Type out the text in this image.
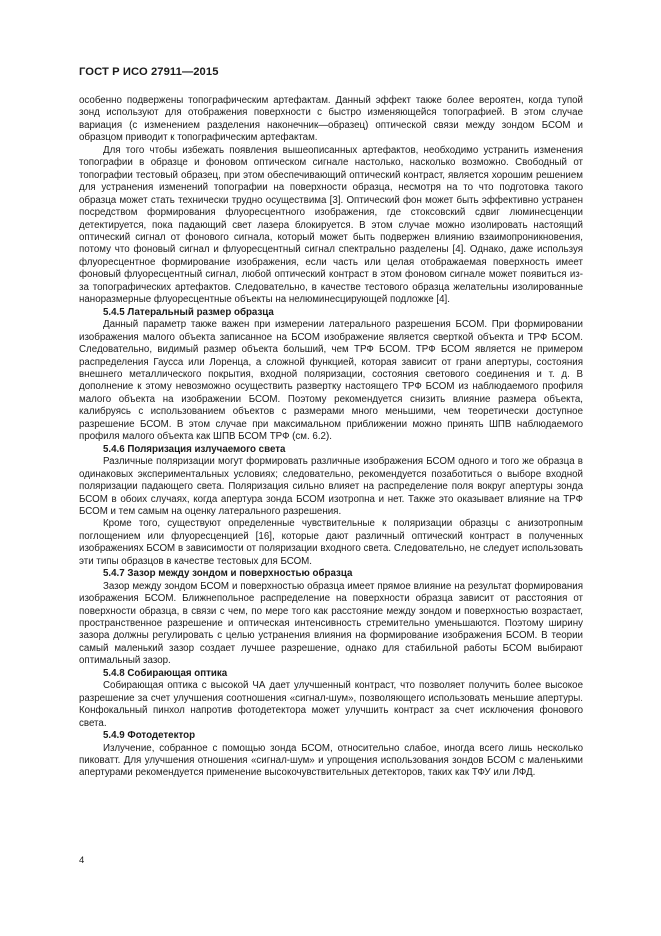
ГОСТ Р ИСО 27911—2015

особенно подвержены топографическим артефактам. Данный эффект также более вероятен, когда тупой зонд используют для отображения поверхности с быстро изменяющейся топографией. В этом случае вариация (с изменением разделения наконечник—образец) оптической связи между зондом БСОМ и образцом приводит к топографическим артефактам.

Для того чтобы избежать появления вышеописанных артефактов, необходимо устранить изменения топографии в образце и фоновом оптическом сигнале настолько, насколько возможно. Свободный от топографии тестовый образец, при этом обеспечивающий оптический контраст, является хорошим решением для устранения изменений топографии на поверхности образца, несмотря на то что подготовка такого образца может стать технически трудно осуществима [3]. Оптический фон может быть эффективно устранен посредством формирования флуоресцентного изображения, где стоксовский сдвиг люминесценции детектируется, пока падающий свет лазера блокируется. В этом случае можно изолировать настоящий оптический сигнал от фонового сигнала, который может быть подвержен влиянию взаимопроникновения, потому что фоновый сигнал и флуоресцентный сигнал спектрально разделены [4]. Однако, даже используя флуоресцентное формирование изображения, если часть или целая отображаемая поверхность имеет фоновый флуоресцентный сигнал, любой оптический контраст в этом фоновом сигнале может появиться из-за топографических артефактов. Следовательно, в качестве тестового образца желательны изолированные наноразмерные флуоресцентные объекты на нелюминесцирующей подложке [4].

5.4.5 Латеральный размер образца

Данный параметр также важен при измерении латерального разрешения БСОМ. При формировании изображения малого объекта записанное на БСОМ изображение является сверткой объекта и ТРФ БСОМ. Следовательно, видимый размер объекта больший, чем ТРФ БСОМ. ТРФ БСОМ является не примером распределения Гаусса или Лоренца, а сложной функцией, которая зависит от грани апертуры, состояния внешнего металлического покрытия, входной поляризации, состояния светового соединения и т. д. В дополнение к этому невозможно осуществить развертку настоящего ТРФ БСОМ из наблюдаемого профиля малого объекта на изображении БСОМ. Поэтому рекомендуется снизить влияние размера объекта, калибруясь с использованием объектов с размерами много меньшими, чем теоретически доступное разрешение БСОМ. В этом случае при максимальном приближении можно принять ШПВ наблюдаемого профиля малого объекта как ШПВ БСОМ ТРФ (см. 6.2).

5.4.6 Поляризация излучаемого света

Различные поляризации могут формировать различные изображения БСОМ одного и того же образца в одинаковых экспериментальных условиях; следовательно, рекомендуется позаботиться о выборе входной поляризации падающего света. Поляризация сильно влияет на распределение поля вокруг апертуры зонда БСОМ в обоих случаях, когда апертура зонда БСОМ изотропна и нет. Также это оказывает влияние на ТРФ БСОМ и тем самым на оценку латерального разрешения.

Кроме того, существуют определенные чувствительные к поляризации образцы с анизотропным поглощением или флуоресценцией [16], которые дают различный оптический контраст в полученных изображениях БСОМ в зависимости от поляризации входного света. Следовательно, не следует использовать эти типы образцов в качестве тестовых для БСОМ.

5.4.7 Зазор между зондом и поверхностью образца

Зазор между зондом БСОМ и поверхностью образца имеет прямое влияние на результат формирования изображения БСОМ. Ближнепольное распределение на поверхности образца зависит от расстояния от поверхности образца, в связи с чем, по мере того как расстояние между зондом и поверхностью возрастает, пространственное разрешение и оптическая интенсивность стремительно уменьшаются. Поэтому ширину зазора должны регулировать с целью устранения влияния на формирование изображения БСОМ. В теории самый маленький зазор создает лучшее разрешение, однако для стабильной работы БСОМ выбирают оптимальный зазор.

5.4.8 Собирающая оптика

Собирающая оптика с высокой ЧА дает улучшенный контраст, что позволяет получить более высокое разрешение за счет улучшения соотношения «сигнал-шум», позволяющего использовать меньшие апертуры. Конфокальный пинхол напротив фотодетектора может улучшить контраст за счет исключения фонового света.

5.4.9 Фотодетектор

Излучение, собранное с помощью зонда БСОМ, относительно слабое, иногда всего лишь несколько пиковатт. Для улучшения отношения «сигнал-шум» и упрощения использования зондов БСОМ с маленькими апертурами рекомендуется применение высокочувствительных детекторов, таких как ТФУ или ЛФД.

4
